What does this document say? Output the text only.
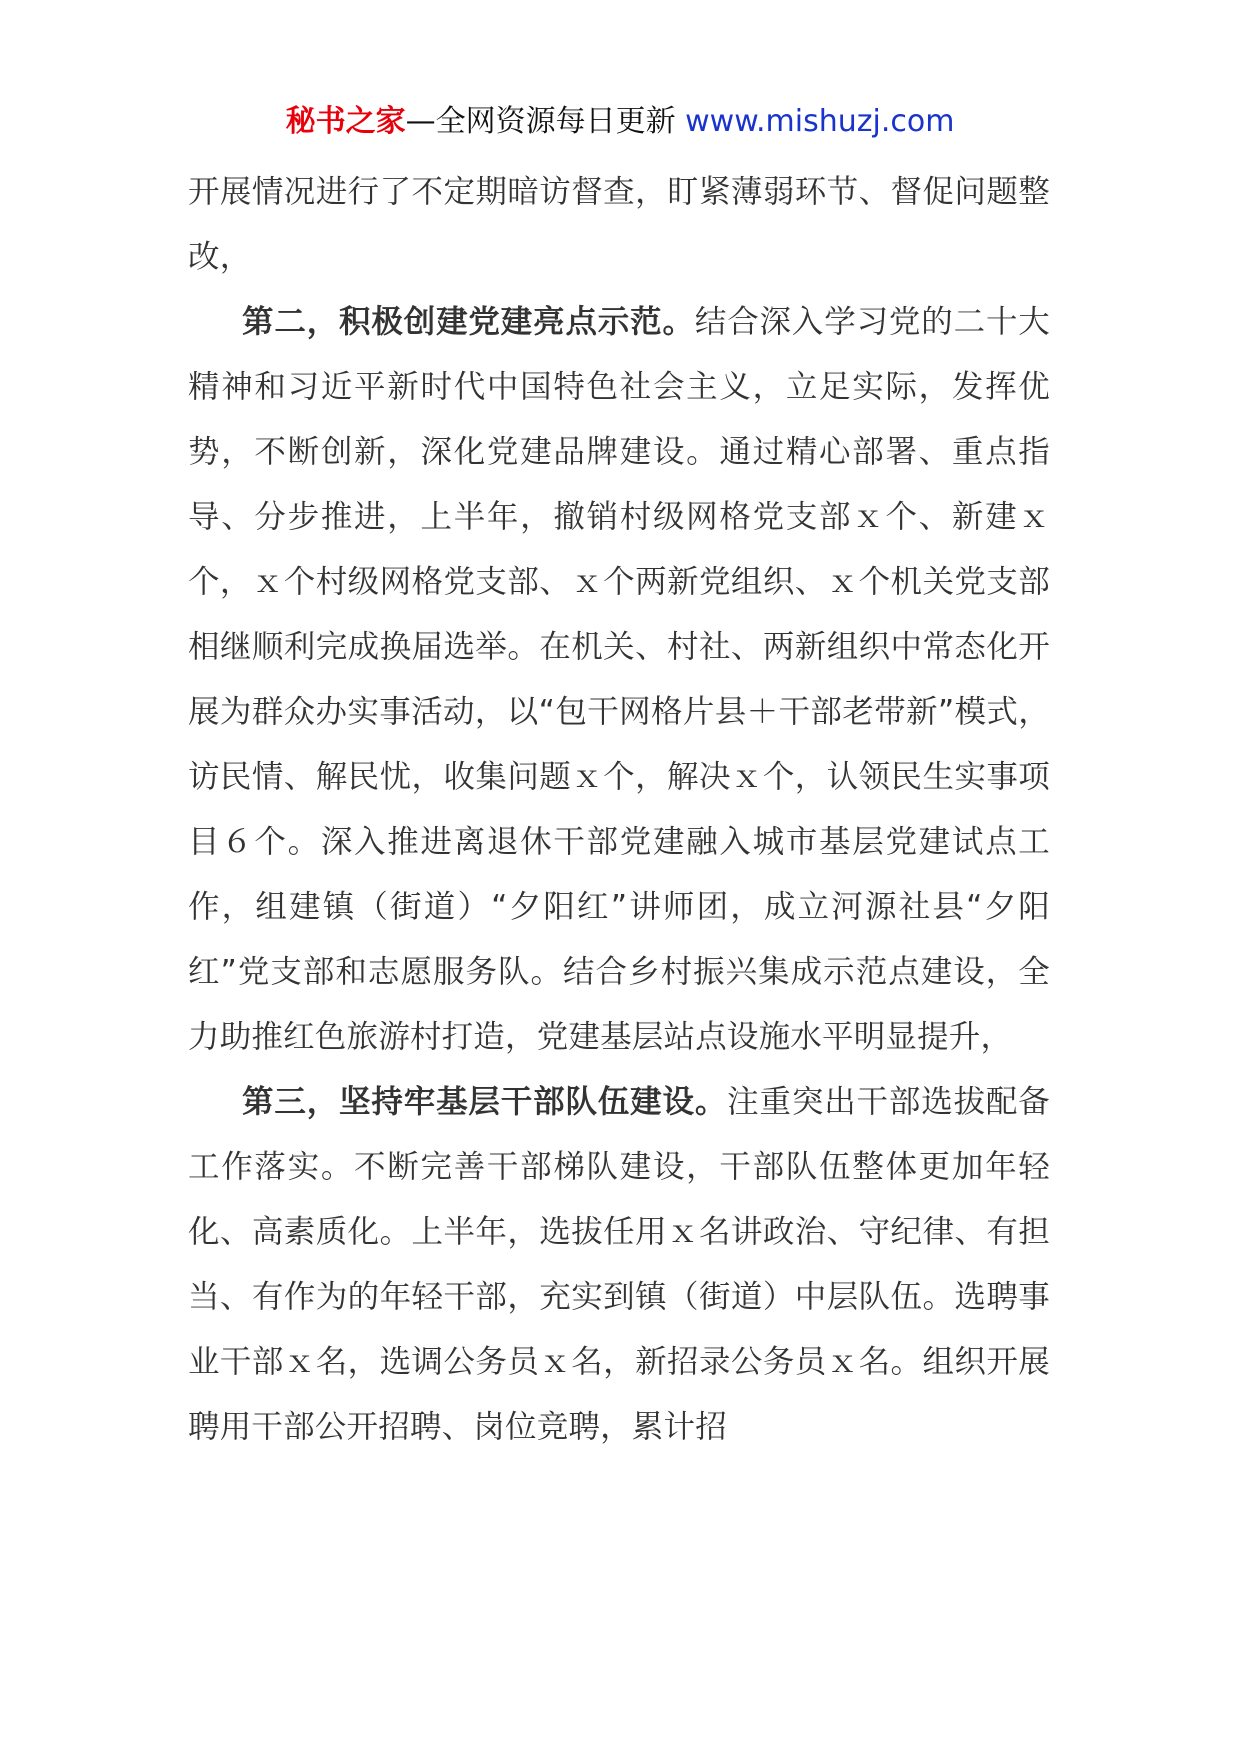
秘书之家—全网资源每日更新 www.mishuzj.com

开展情况进行了不定期暗访督查，盯紧薄弱环节、督促问题整改，

第二，积极创建党建亮点示范。结合深入学习党的二十大精神和习近平新时代中国特色社会主义，立足实际，发挥优势，不断创新，深化党建品牌建设。通过精心部署、重点指导、分步推进，上半年，撤销村级网格党支部ｘ个、新建ｘ个，ｘ个村级网格党支部、ｘ个两新党组织、ｘ个机关党支部相继顺利完成换届选举。在机关、村社、两新组织中常态化开展为群众办实事活动，以“包干网格片县＋干部老带新”模式，访民情、解民忧，收集问题ｘ个，解决ｘ个，认领民生实事项目６个。深入推进离退休干部党建融入城市基层党建试点工作，组建镇（街道）“夕阳红”讲师团，成立河源社县“夕阳红”党支部和志愿服务队。结合乡村振兴集成示范点建设，全力助推红色旅游村打造，党建基层站点设施水平明显提升，

第三，坚持牢基层干部队伍建设。注重突出干部选拔配备工作落实。不断完善干部梯队建设，干部队伍整体更加年轻化、高素质化。上半年，选拔任用ｘ名讲政治、守纪律、有担当、有作为的年轻干部，充实到镇（街道）中层队伍。选聘事业干部ｘ名，选调公务员ｘ名，新招录公务员ｘ名。组织开展聘用干部公开招聘、岗位竞聘，累计招
